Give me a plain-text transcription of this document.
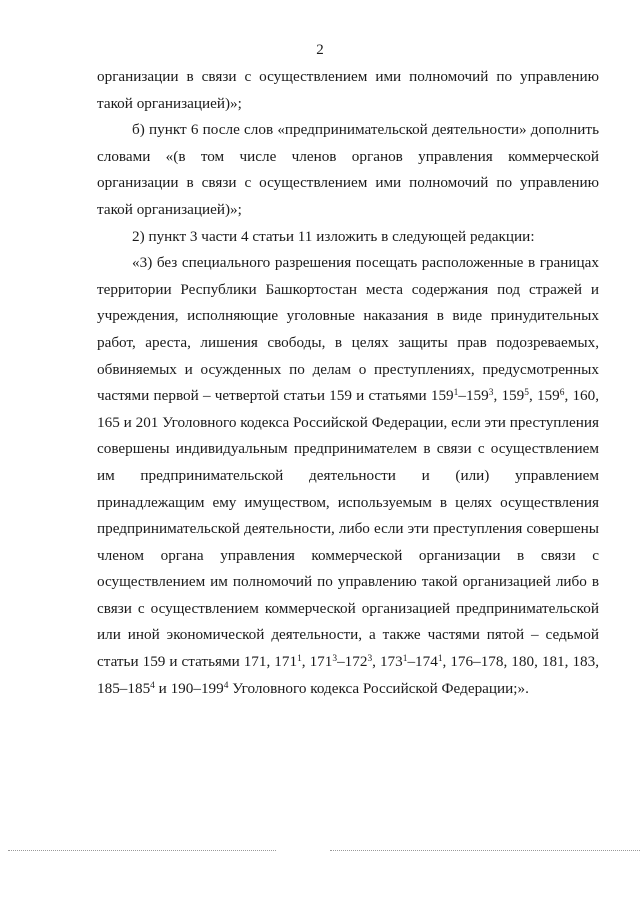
2

организации в связи с осуществлением ими полномочий по управлению такой организацией)»;

б) пункт 6 после слов «предпринимательской деятельности» дополнить словами «(в том числе членов органов управления коммерческой организации в связи с осуществлением ими полномочий по управлению такой организацией)»;

2) пункт 3 части 4 статьи 11 изложить в следующей редакции:

«3) без специального разрешения посещать расположенные в границах территории Республики Башкортостан места содержания под стражей и учреждения, исполняющие уголовные наказания в виде принудительных работ, ареста, лишения свободы, в целях защиты прав подозреваемых, обвиняемых и осужденных по делам о преступлениях, предусмотренных частями первой – четвертой статьи 159 и статьями $159^1-159^3$, $159^5$, $159^6$, 160, 165 и 201 Уголовного кодекса Российской Федерации, если эти преступления совершены индивидуальным предпринимателем в связи с осуществлением им предпринимательской деятельности и (или) управлением принадлежащим ему имуществом, используемым в целях осуществления предпринимательской деятельности, либо если эти преступления совершены членом органа управления коммерческой организации в связи с осуществлением им полномочий по управлению такой организацией либо в связи с осуществлением коммерческой организацией предпринимательской или иной экономической деятельности, а также частями пятой – седьмой статьи 159 и статьями 171, $171^1$, $171^3-172^3$, $173^1-174^1$, 176–178, 180, 181, 183, $185-185^4$ и $190-199^4$ Уголовного кодекса Российской Федерации;».
